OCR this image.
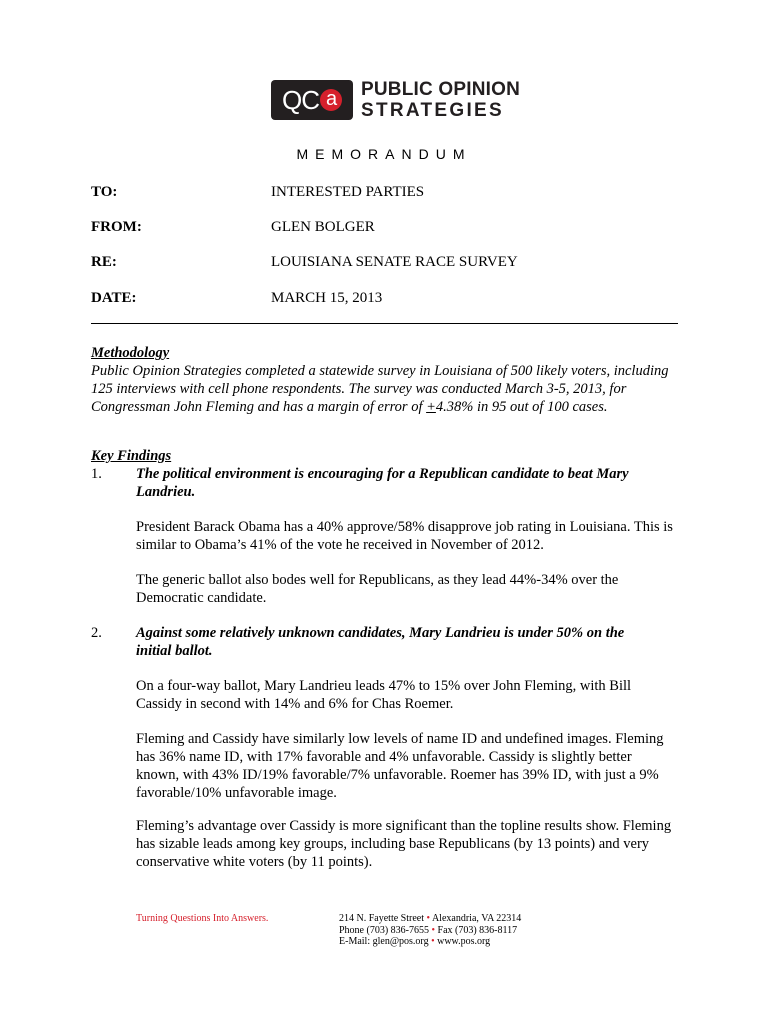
QC a	PUBLIC OPINION
STRATEGIES
MEMORANDUM
TO:	INTERESTED PARTIES
FROM:	GLEN BOLGER
RE:	LOUISIANA SENATE RACE SURVEY
DATE:	MARCH 15, 2013
Methodology
Public Opinion Strategies completed a statewide survey in Louisiana of 500 likely voters, including 125 interviews with cell phone respondents. The survey was conducted March 3-5, 2013, for Congressman John Fleming and has a margin of error of +4.38% in 95 out of 100 cases.
Key Findings
1. The political environment is encouraging for a Republican candidate to beat Mary Landrieu.
President Barack Obama has a 40% approve/58% disapprove job rating in Louisiana. This is similar to Obama’s 41% of the vote he received in November of 2012.
The generic ballot also bodes well for Republicans, as they lead 44%-34% over the Democratic candidate.
2. Against some relatively unknown candidates, Mary Landrieu is under 50% on the initial ballot.
On a four-way ballot, Mary Landrieu leads 47% to 15% over John Fleming, with Bill Cassidy in second with 14% and 6% for Chas Roemer.
Fleming and Cassidy have similarly low levels of name ID and undefined images. Fleming has 36% name ID, with 17% favorable and 4% unfavorable. Cassidy is slightly better known, with 43% ID/19% favorable/7% unfavorable. Roemer has 39% ID, with just a 9% favorable/10% unfavorable image.
Fleming’s advantage over Cassidy is more significant than the topline results show. Fleming has sizable leads among key groups, including base Republicans (by 13 points) and very conservative white voters (by 11 points).
Turning Questions Into Answers.	214 N. Fayette Street • Alexandria, VA 22314
Phone (703) 836-7655 • Fax (703) 836-8117
E-Mail: glen@pos.org • www.pos.org
